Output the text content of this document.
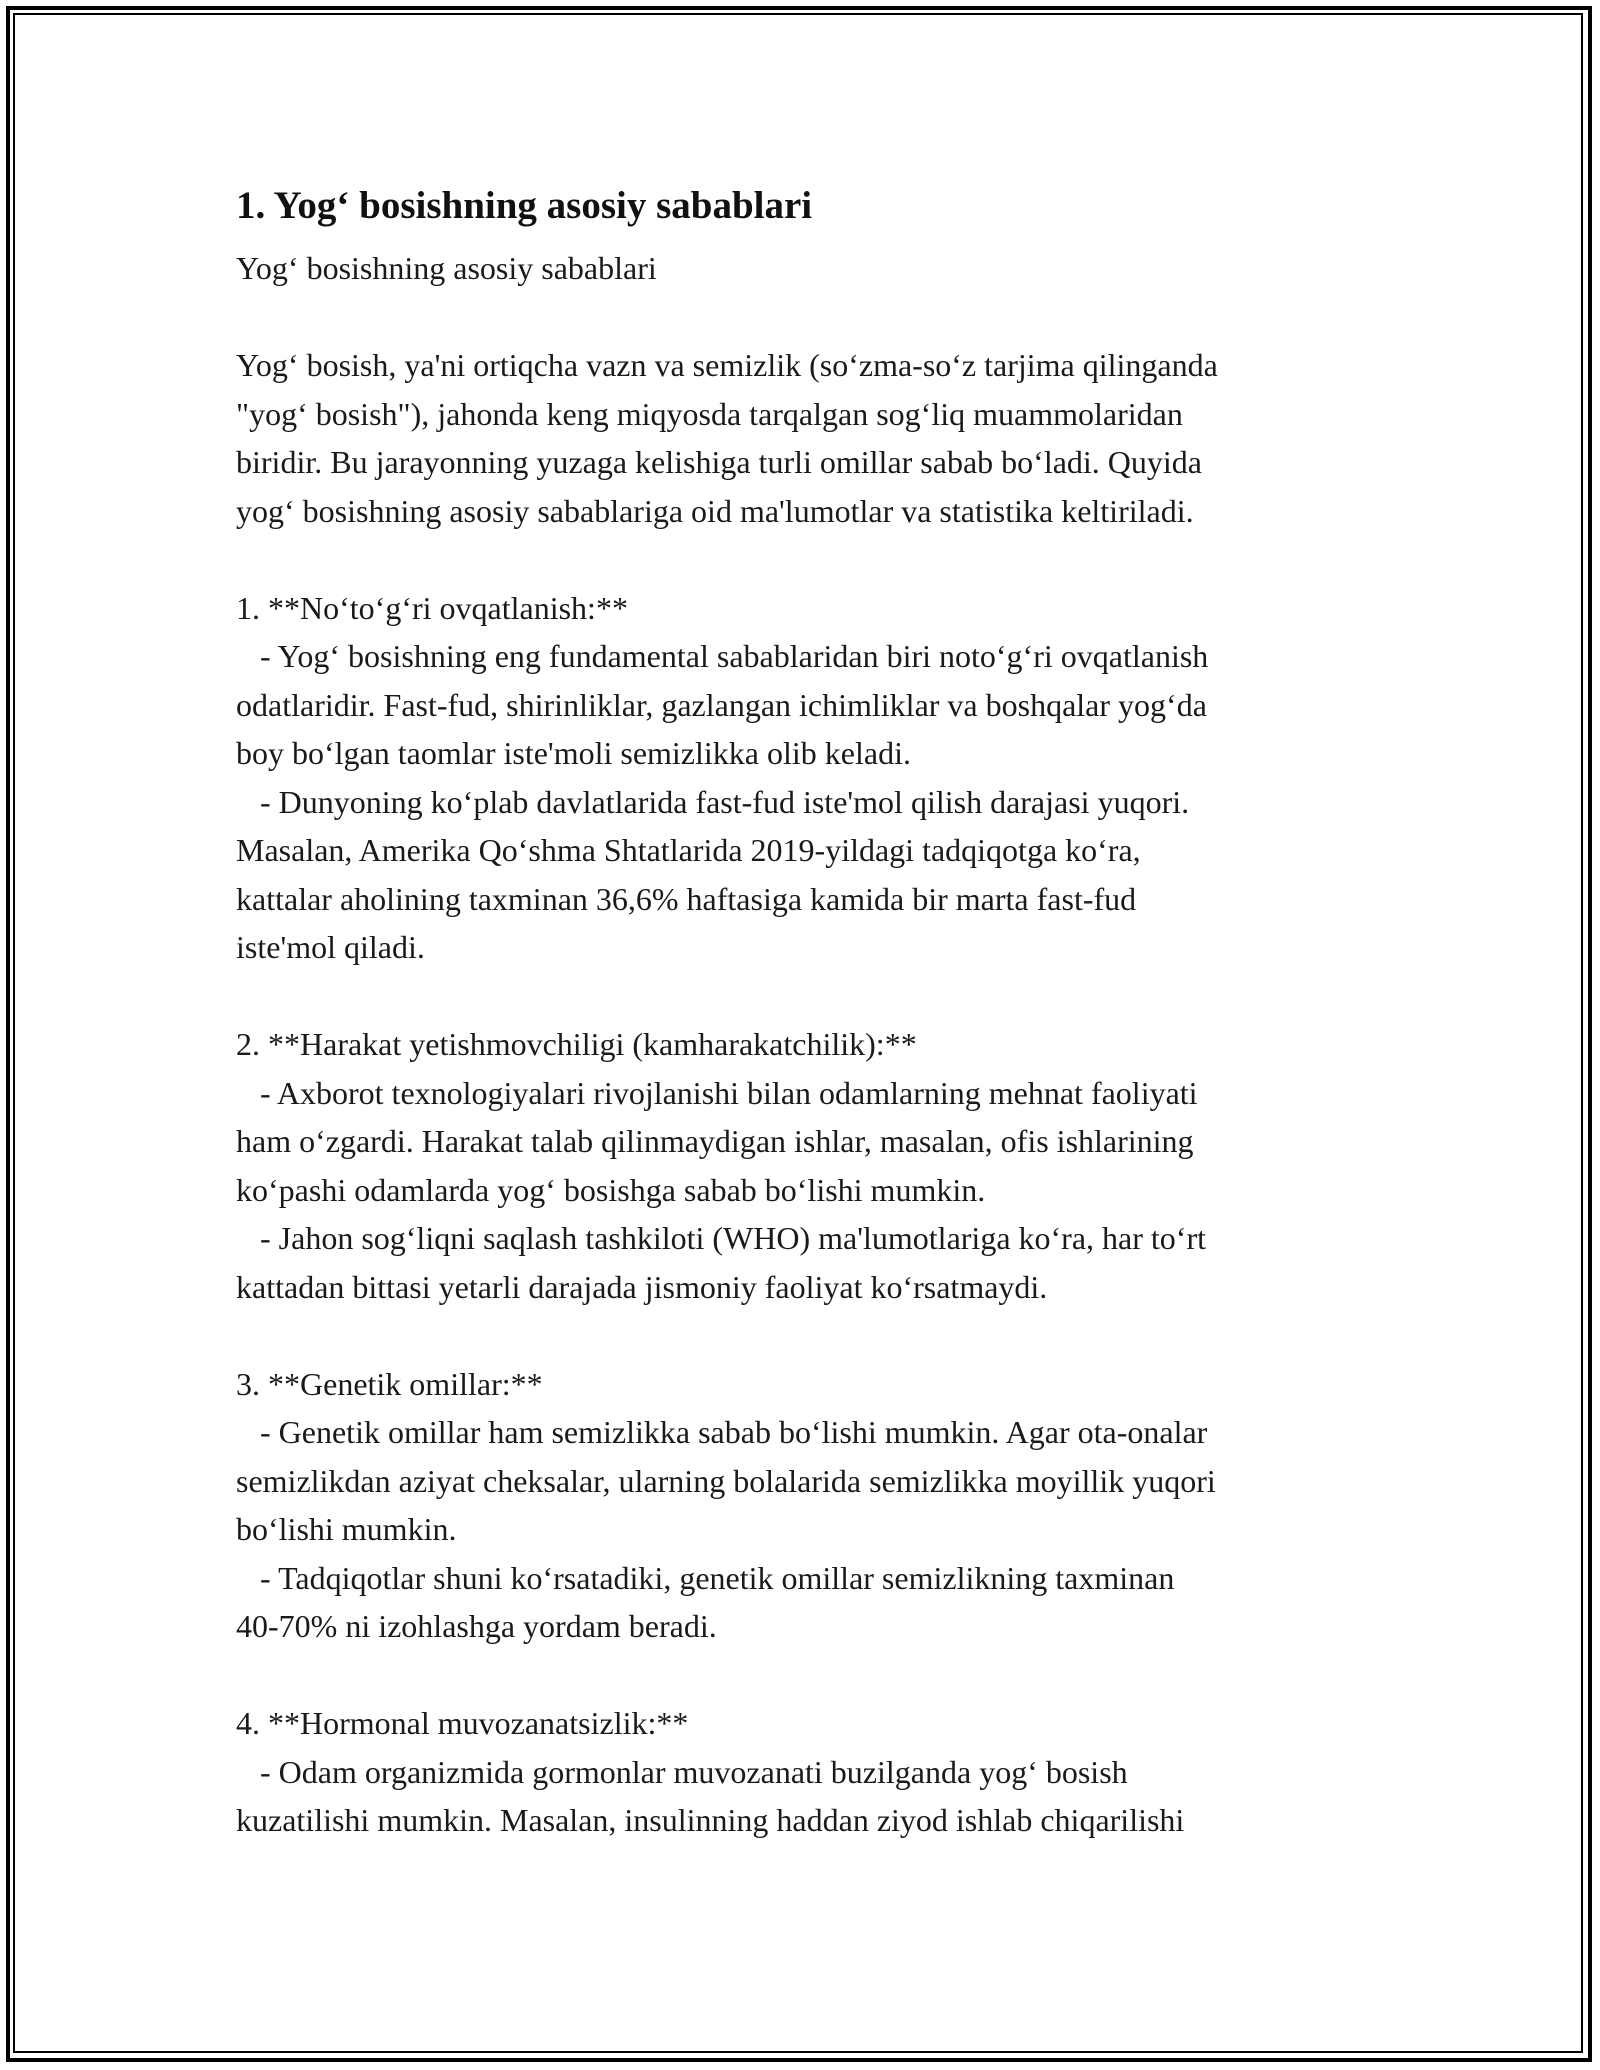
1. Yog‘ bosishning asosiy sabablari

Yog‘ bosishning asosiy sabablari

Yog‘ bosish, ya'ni ortiqcha vazn va semizlik (so‘zma-so‘z tarjima qilinganda
"yog‘ bosish"), jahonda keng miqyosda tarqalgan sog‘liq muammolaridan
biridir. Bu jarayonning yuzaga kelishiga turli omillar sabab bo‘ladi. Quyida
yog‘ bosishning asosiy sabablariga oid ma'lumotlar va statistika keltiriladi.

1. **No‘to‘g‘ri ovqatlanish:**
- Yog‘ bosishning eng fundamental sabablaridan biri noto‘g‘ri ovqatlanish
odatlaridir. Fast-fud, shirinliklar, gazlangan ichimliklar va boshqalar yog‘da
boy bo‘lgan taomlar iste'moli semizlikka olib keladi.
- Dunyoning ko‘plab davlatlarida fast-fud iste'mol qilish darajasi yuqori.
Masalan, Amerika Qo‘shma Shtatlarida 2019-yildagi tadqiqotga ko‘ra,
kattalar aholining taxminan 36,6% haftasiga kamida bir marta fast-fud
iste'mol qiladi.

2. **Harakat yetishmovchiligi (kamharakatchilik):**
- Axborot texnologiyalari rivojlanishi bilan odamlarning mehnat faoliyati
ham o‘zgardi. Harakat talab qilinmaydigan ishlar, masalan, ofis ishlarining
ko‘pashi odamlarda yog‘ bosishga sabab bo‘lishi mumkin.
- Jahon sog‘liqni saqlash tashkiloti (WHO) ma'lumotlariga ko‘ra, har to‘rt
kattadan bittasi yetarli darajada jismoniy faoliyat ko‘rsatmaydi.

3. **Genetik omillar:**
- Genetik omillar ham semizlikka sabab bo‘lishi mumkin. Agar ota-onalar
semizlikdan aziyat cheksalar, ularning bolalarida semizlikka moyillik yuqori
bo‘lishi mumkin.
- Tadqiqotlar shuni ko‘rsatadiki, genetik omillar semizlikning taxminan
40-70% ni izohlashga yordam beradi.

4. **Hormonal muvozanatsizlik:**
- Odam organizmida gormonlar muvozanati buzilganda yog‘ bosish
kuzatilishi mumkin. Masalan, insulinning haddan ziyod ishlab chiqarilishi
